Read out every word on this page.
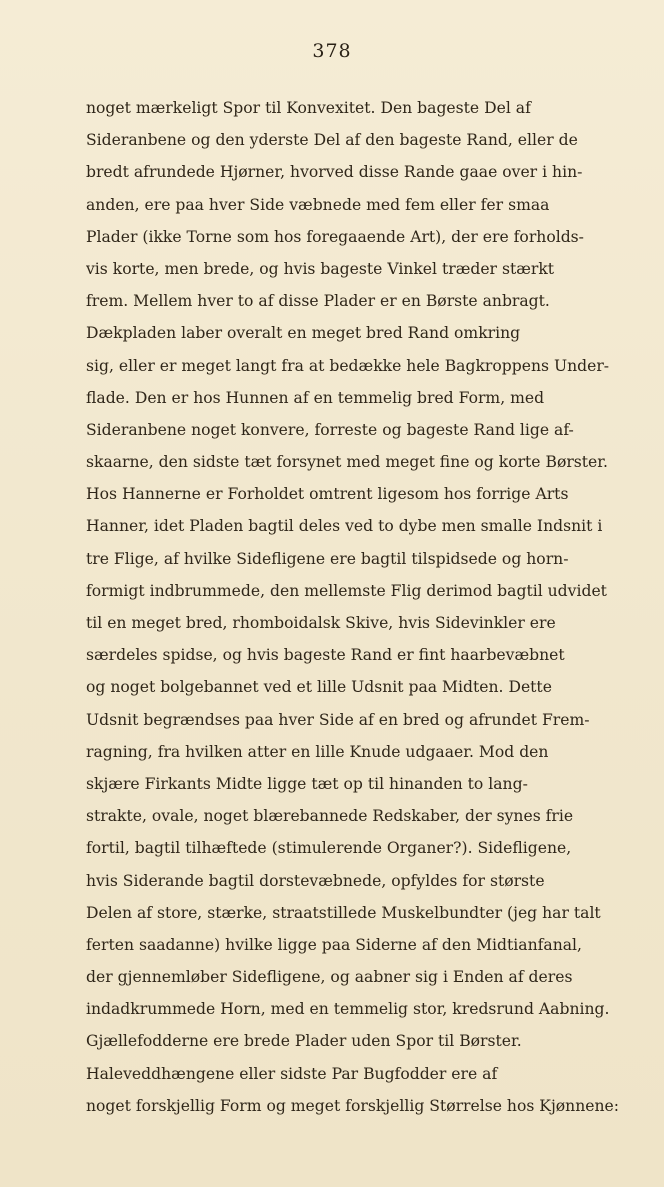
378
noget mærkeligt Spor til Konvexitet. Den bageste Del af
Sideranbene og den yderste Del af den bageste Rand, eller de
bredt afrundede Hjørner, hvorved disse Rande gaae over i hin-
anden, ere paa hver Side væbnede med fem eller fer smaa
Plader (ikke Torne som hos foregaaende Art), der ere forholds-
vis korte, men brede, og hvis bageste Vinkel træder stærkt
frem. Mellem hver to af disse Plader er en Børste anbragt.
Dækpladen laber overalt en meget bred Rand omkring
sig, eller er meget langt fra at bedække hele Bagkroppens Under-
flade. Den er hos Hunnen af en temmelig bred Form, med
Sideranbene noget konvere, forreste og bageste Rand lige af-
skaarne, den sidste tæt forsynet med meget fine og korte Børster.
Hos Hannerne er Forholdet omtrent ligesom hos forrige Arts
Hanner, idet Pladen bagtil deles ved to dybe men smalle Indsnit i
tre Flige, af hvilke Sidefligene ere bagtil tilspidsede og horn-
formigt indbrummede, den mellemste Flig derimod bagtil udvidet
til en meget bred, rhomboidalsk Skive, hvis Sidevinkler ere
særdeles spidse, og hvis bageste Rand er fint haarbevæbnet
og noget bolgebannet ved et lille Udsnit paa Midten. Dette
Udsnit begrændses paa hver Side af en bred og afrundet Frem-
ragning, fra hvilken atter en lille Knude udgaaer. Mod den
skjære Firkants Midte ligge tæt op til hinanden to lang-
strakte, ovale, noget blærebannede Redskaber, der synes frie
fortil, bagtil tilhæftede (stimulerende Organer?). Sidefligene,
hvis Siderande bagtil dorstevæbnede, opfyldes for største
Delen af store, stærke, straatstillede Muskelbundter (jeg har talt
ferten saadanne) hvilke ligge paa Siderne af den Midtianfanal,
der gjennemløber Sidefligene, og aabner sig i Enden af deres
indadkrummede Horn, med en temmelig stor, kredsrund Aabning.
Gjællefodderne ere brede Plader uden Spor til Børster.
Haleveddhængene eller sidste Par Bugfodder ere af
noget forskjellig Form og meget forskjellig Størrelse hos Kjønnene:
